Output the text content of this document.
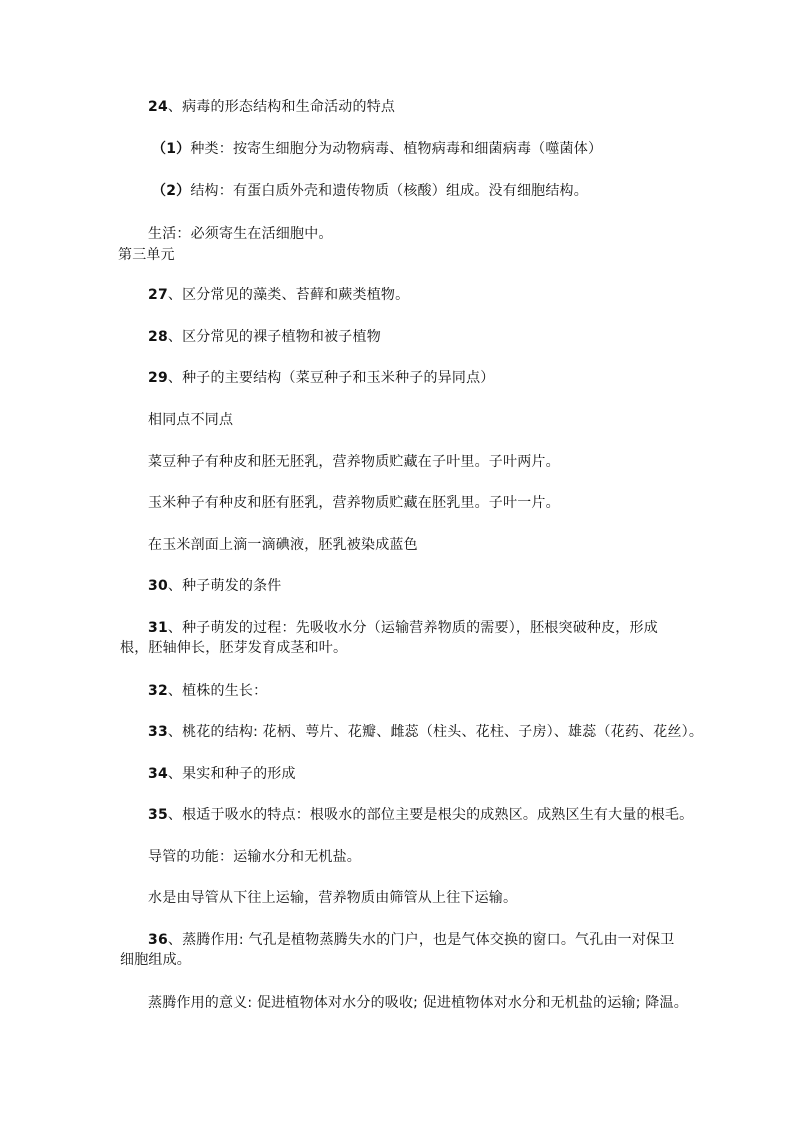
24、病毒的形态结构和生命活动的特点
（1）种类：按寄生细胞分为动物病毒、植物病毒和细菌病毒（噬菌体）
（2）结构：有蛋白质外壳和遗传物质（核酸）组成。没有细胞结构。
生活：必须寄生在活细胞中。
第三单元
27、区分常见的藻类、苔藓和蕨类植物。
28、区分常见的裸子植物和被子植物
29、种子的主要结构（菜豆种子和玉米种子的异同点）
相同点不同点
菜豆种子有种皮和胚无胚乳，营养物质贮藏在子叶里。子叶两片。
玉米种子有种皮和胚有胚乳，营养物质贮藏在胚乳里。子叶一片。
在玉米剖面上滴一滴碘液，胚乳被染成蓝色
30、种子萌发的条件
31、种子萌发的过程：先吸收水分（运输营养物质的需要），胚根突破种皮，形成根，胚轴伸长，胚芽发育成茎和叶。
32、植株的生长：
33、桃花的结构: 花柄、萼片、花瓣、雌蕊（柱头、花柱、子房）、雄蕊（花药、花丝）。
34、果实和种子的形成
35、根适于吸水的特点：根吸水的部位主要是根尖的成熟区。成熟区生有大量的根毛。
导管的功能：运输水分和无机盐。
水是由导管从下往上运输，营养物质由筛管从上往下运输。
36、蒸腾作用: 气孔是植物蒸腾失水的门户，也是气体交换的窗口。气孔由一对保卫细胞组成。
蒸腾作用的意义: 促进植物体对水分的吸收; 促进植物体对水分和无机盐的运输; 降温。
